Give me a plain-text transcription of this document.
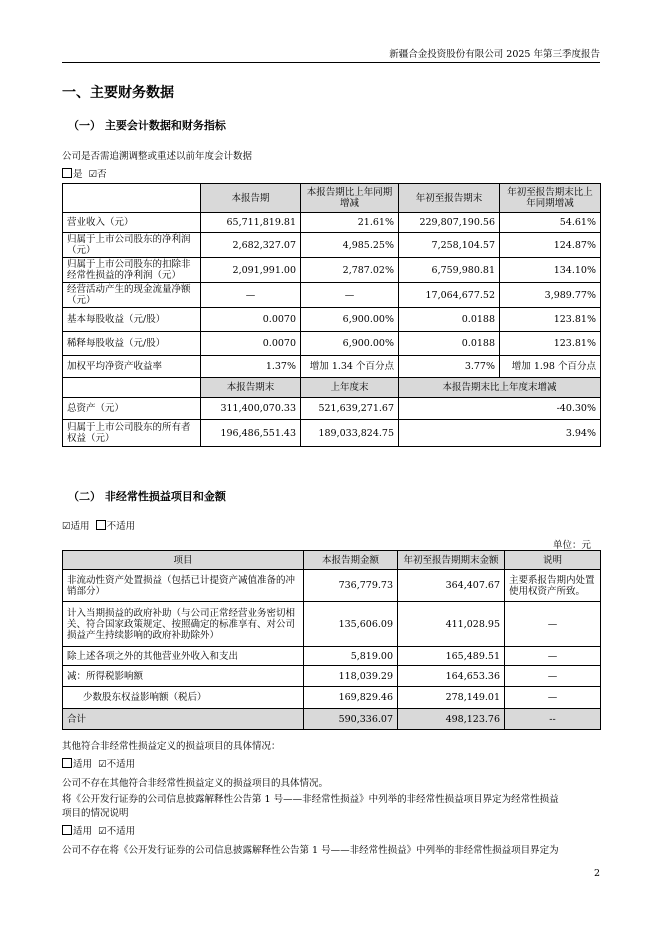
新疆合金投资股份有限公司 2025 年第三季度报告
一、主要财务数据
（一） 主要会计数据和财务指标
公司是否需追溯调整或重述以前年度会计数据
是 ☑否
	本报告期	本报告期比上年同期增减	年初至报告期末	年初至报告期末比上年同期增减
营业收入（元）	65,711,819.81	21.61%	229,807,190.56	54.61%
归属于上市公司股东的净利润（元）	2,682,327.07	4,985.25%	7,258,104.57	124.87%
归属于上市公司股东的扣除非经常性损益的净利润（元）	2,091,991.00	2,787.02%	6,759,980.81	134.10%
经营活动产生的现金流量净额（元）	—	—	17,064,677.52	3,989.77%
基本每股收益（元/股）	0.0070	6,900.00%	0.0188	123.81%
稀释每股收益（元/股）	0.0070	6,900.00%	0.0188	123.81%
加权平均净资产收益率	1.37%	增加 1.34 个百分点	3.77%	增加 1.98 个百分点
	本报告期末	上年度末	本报告期末比上年度末增减	
总资产（元）	311,400,070.33	521,639,271.67	-40.30%	
归属于上市公司股东的所有者权益（元）	196,486,551.43	189,033,824.75	3.94%	
（二） 非经常性损益项目和金额
☑适用 不适用
单位：元
项目	本报告期金额	年初至报告期期末金额	说明
非流动性资产处置损益（包括已计提资产减值准备的冲销部分）	736,779.73	364,407.67	主要系报告期内处置使用权资产所致。
计入当期损益的政府补助（与公司正常经营业务密切相关、符合国家政策规定、按照确定的标准享有、对公司损益产生持续影响的政府补助除外）	135,606.09	411,028.95	—
除上述各项之外的其他营业外收入和支出	5,819.00	165,489.51	—
减：所得税影响额	118,039.29	164,653.36	—
少数股东权益影响额（税后）	169,829.46	278,149.01	—
合计	590,336.07	498,123.76	--
其他符合非经常性损益定义的损益项目的具体情况：
适用 ☑不适用
公司不存在其他符合非经常性损益定义的损益项目的具体情况。
将《公开发行证券的公司信息披露解释性公告第 1 号——非经常性损益》中列举的非经常性损益项目界定为经常性损益
项目的情况说明
适用 ☑不适用
公司不存在将《公开发行证券的公司信息披露解释性公告第 1 号——非经常性损益》中列举的非经常性损益项目界定为
2
